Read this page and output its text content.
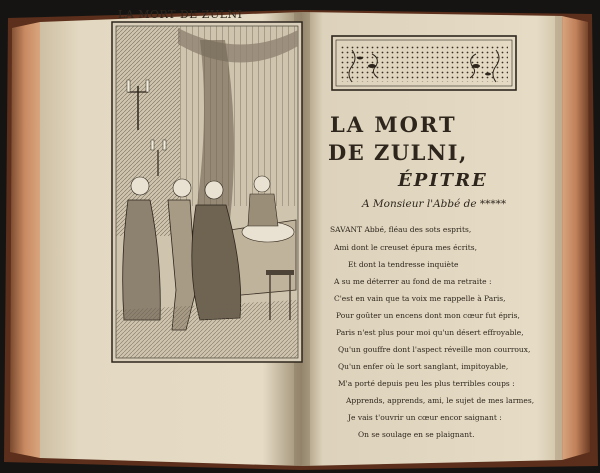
LA MORT DE ZULNI
LA MORT
DE ZULNI,
ÉPITRE
A Monsieur l'Abbé de *****
SAVANT Abbé, fléau des sots esprits,
Ami dont le creuset épura mes écrits,
Et dont la tendresse inquiète
A su me déterrer au fond de ma retraite :
C'est en vain que ta voix me rappelle à Paris,
Pour goûter un encens dont mon cœur fut épris,
Paris n'est plus pour moi qu'un désert effroyable,
Qu'un gouffre dont l'aspect réveille mon courroux,
Qu'un enfer où le sort sanglant, impitoyable,
M'a porté depuis peu les plus terribles coups :
Apprends, apprends, ami, le sujet de mes larmes,
Je vais t'ouvrir un cœur encor saignant :
On se soulage en se plaignant.
